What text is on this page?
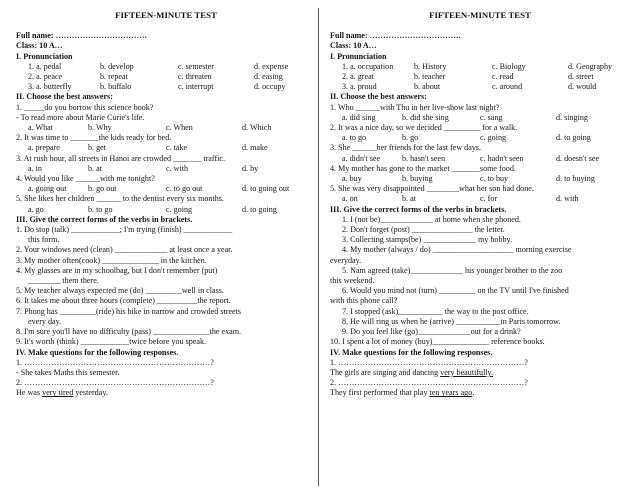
FIFTEEN-MINUTE TEST
Full name: …………………………….
Class: 10 A…
I. Pronunciation
1. a. pedal	b. develop	c. semester	d. expense
2. a. peace	b. repeat	c. threaten	d. easing
3. a. butterfly	b. buffalo	c. interrupt	d. occupy
II. Choose the best answers:
1. _____do you borrow this science book?
- To read more about Marie Curie's life.
a. What	b. Why	c. When	d. Which
2. It was time to _______the kids ready for bed.
a. prepare	b. get	c. take	d. make
3. At rush hour, all streets in Hanoi are crowded _______ traffic.
a. in	b. at	c. with	d. by
4. Would you like ______with me tonight?
a. going out	b. go out	c. to go out	d. to going out
5. She likes her children ______ to the dentist every six months.
a. go	b. to go	c. going	d. to going
III. Give the correct forms of the verbs in brackets.
1. Do stop (talk) ____________; I'm trying (finish) ____________
this form.
2. Your windows need (clean) _____________ at least once a year.
3. My mother often(cook) ______________ in the kitchen.
4. My glasses are in my schoolbag, but I don't remember (put)
________ them there.
5. My teacher always expected me (do) _________well in class.
6. It takes me about three hours (complete) __________the report.
7. Phong has _________(ride) his bike in narrow and crowded streets
every day.
8. I'm sure you'll have no difficulty (pass) ______________the exam.
9. It's worth (think) ____________twice before you speak.
IV. Make questions for the following responses.
1. ……………………………………………………………?
- She takes Maths this semester.
2. ……………………………………………………………?
He was very tired yesterday.
FIFTEEN-MINUTE TEST
Full name: …………………………….
Class: 10 A…
I. Pronunciation
1. a. occupation	b. History	c. Biology	d. Geography
2. a. great	b. teacher	c. read	d. street
3. a. proud	b. about	c. around	d. would
II. Choose the best answers:
1. Who ______with Thu in her live-show last night?
a. did sing	b. did she sing	c. sang	d. singing
2. It was a nice day, so we decided _________ for a walk.
a. to go	b. go	c. going	d. to going
3. She ______her friends for the last few days.
a. didn't see	b. hasn't seen	c. hadn't seen	d. doesn't see
4. My mother has gone to the market _______some food.
a. buy	b. buying	c. to buy	d. to buying
5. She was very disappointed ________what her son had done.
a. on	b. at	c. for	d. with
III. Give the correct forms of the verbs in brackets.
1. I (not be)_____________ at home when she phoned.
2. Don't forget (post) _______________ the letter.
3. Collecting stamps(be) _____________ my hobby.
4. My mother (always / do) ____________________ morning exercise
everyday.
5. Nam agreed (take)_____________ his younger brother to the zoo
this weekend.
6. Would you mind not (turn) _________ on the TV until I've finished
with this phone call?
7. I stopped (ask)___________ the way to the post office.
8. He will ring us when he (arrive) ___________in Paris tomorrow.
9. Do you feel like (go)_____________out for a drink?
10. I spent a lot of money (buy)______________ reference books.
IV. Make questions for the following responses.
1. ……………………………………………………………?
The girls are singing and dancing very beautifully.
2. ……………………………………………………………?
They first performed that play ten years ago.
